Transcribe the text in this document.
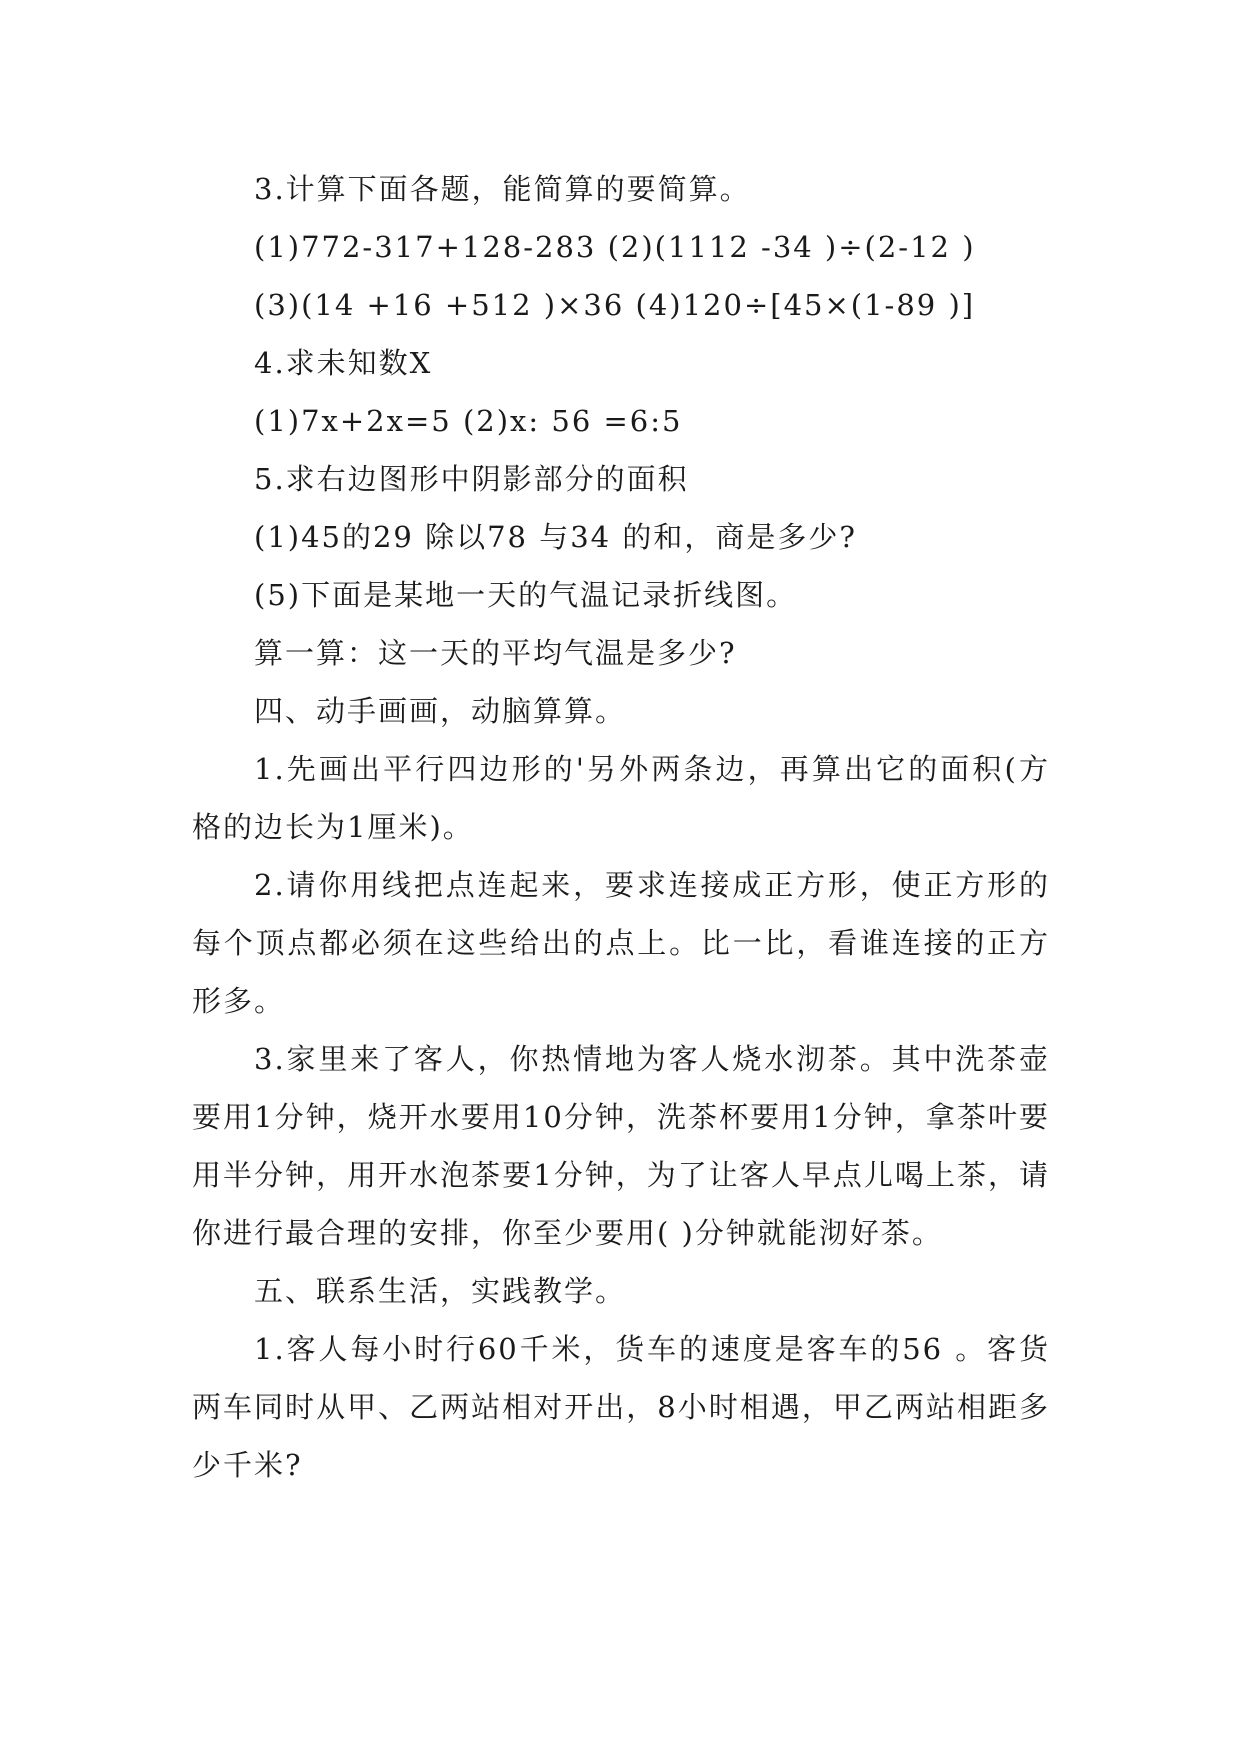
3.计算下面各题，能简算的要简算。
(1)772-317+128-283 (2)(1112 -34 )÷(2-12 )
(3)(14 +16 +512 )×36 (4)120÷[45×(1-89 )]
4.求未知数X
(1)7x+2x=5 (2)x: 56 =6:5
5.求右边图形中阴影部分的面积
(1)45的29 除以78 与34 的和，商是多少?
(5)下面是某地一天的气温记录折线图。
算一算：这一天的平均气温是多少?
四、动手画画，动脑算算。

1.先画出平行四边形的'另外两条边，再算出它的面积(方格的边长为1厘米)。

2.请你用线把点连起来，要求连接成正方形，使正方形的每个顶点都必须在这些给出的点上。比一比，看谁连接的正方形多。

3.家里来了客人，你热情地为客人烧水沏茶。其中洗茶壶要用1分钟，烧开水要用10分钟，洗茶杯要用1分钟，拿茶叶要用半分钟，用开水泡茶要1分钟，为了让客人早点儿喝上茶，请你进行最合理的安排，你至少要用( )分钟就能沏好茶。

五、联系生活，实践教学。

1.客人每小时行60千米，货车的速度是客车的56 。客货两车同时从甲、乙两站相对开出，8小时相遇，甲乙两站相距多少千米?
